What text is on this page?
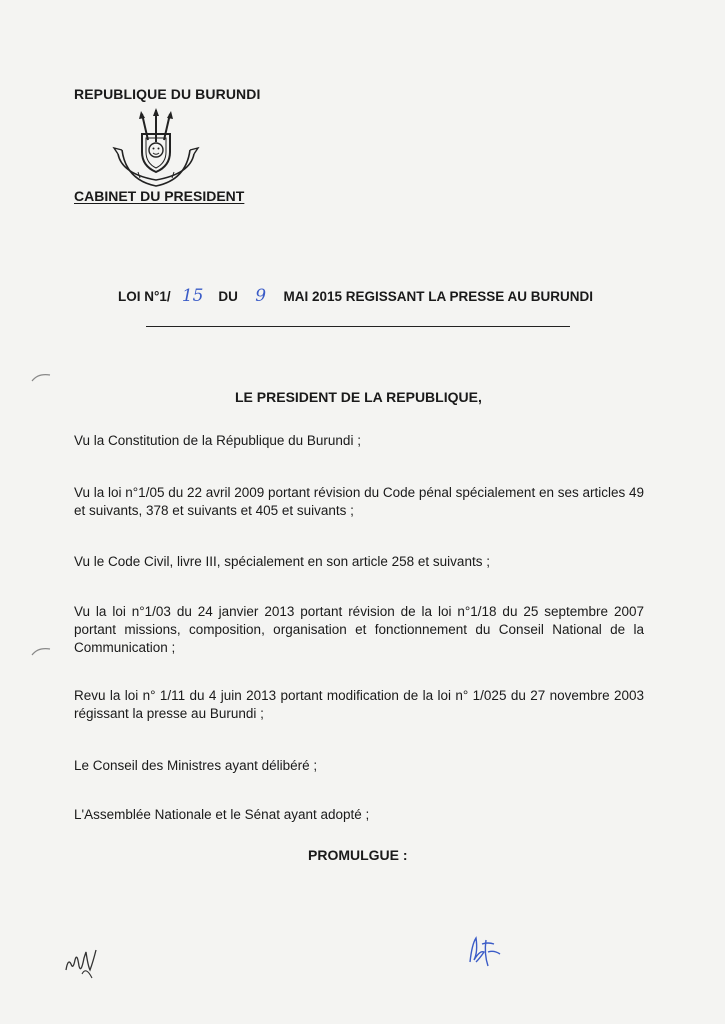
REPUBLIQUE DU BURUNDI
CABINET DU PRESIDENT
LOI N°1/ 15 DU 9 MAI 2015 REGISSANT LA PRESSE AU BURUNDI
LE PRESIDENT DE LA REPUBLIQUE,
Vu la Constitution de la République du Burundi ;
Vu la loi n°1/05 du 22 avril 2009 portant révision du Code pénal spécialement en ses articles 49 et suivants, 378 et suivants et 405 et suivants ;
Vu le Code Civil, livre III, spécialement en son article 258 et suivants ;
Vu la loi n°1/03 du 24 janvier 2013 portant révision de la loi n°1/18 du 25 septembre 2007 portant missions, composition, organisation et fonctionnement du Conseil National de la Communication ;
Revu la loi n° 1/11 du 4 juin 2013 portant modification de la loi n° 1/025 du 27 novembre 2003 régissant la presse au Burundi ;
Le Conseil des Ministres ayant délibéré ;
L'Assemblée Nationale et le Sénat ayant adopté ;
PROMULGUE :
